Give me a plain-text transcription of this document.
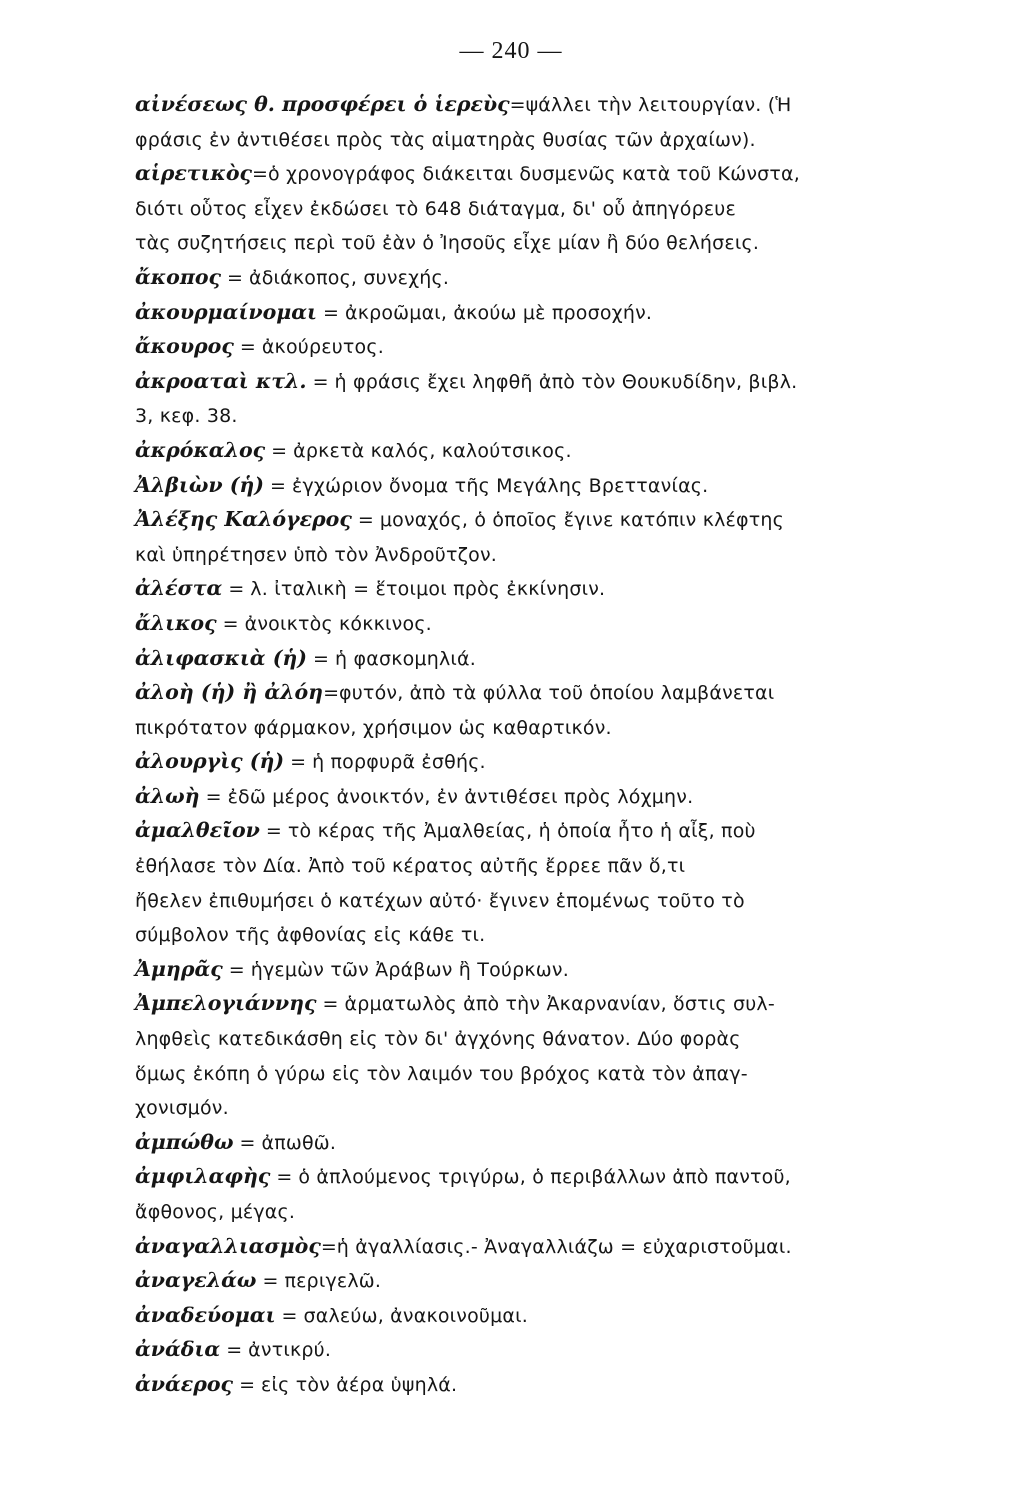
— 240 —
αἰνέσεως θ. προσφέρει ὁ ἱερεὺς=ψάλλει τὴν λειτουργίαν. (Ἡ
φράσις ἐν ἀντιθέσει πρὸς τὰς αἱματηρὰς θυσίας τῶν ἀρχαίων).
αἱρετικὸς=ὁ χρονογράφος διάκειται δυσμενῶς κατὰ τοῦ Κώνστα,
διότι οὗτος εἶχεν ἐκδώσει τὸ 648 διάταγμα, δι' οὗ ἀπηγόρευε
τὰς συζητήσεις περὶ τοῦ ἐὰν ὁ Ἰησοῦς εἶχε μίαν ἢ δύο θελήσεις.
ἄκοπος = ἀδιάκοπος, συνεχής.
ἀκουρμαίνομαι = ἀκροῶμαι, ἀκούω μὲ προσοχήν.
ἄκουρος = ἀκούρευτος.
ἀκροαταὶ κτλ. = ἡ φράσις ἔχει ληφθῆ ἀπὸ τὸν Θουκυδίδην, βιβλ.
3, κεφ. 38.
ἀκρόκαλος = ἀρκετὰ καλός, καλούτσικος.
Ἀλβιὼν (ἡ) = ἐγχώριον ὄνομα τῆς Μεγάλης Βρεττανίας.
Ἀλέξης Καλόγερος = μοναχός, ὁ ὁποῖος ἔγινε κατόπιν κλέφτης
καὶ ὑπηρέτησεν ὑπὸ τὸν Ἀνδροῦτζον.
ἀλέστα = λ. ἰταλικὴ = ἕτοιμοι πρὸς ἐκκίνησιν.
ἄλικος = ἀνοικτὸς κόκκινος.
ἀλιφασκιὰ (ἡ) = ἡ φασκομηλιά.
ἀλοὴ (ἡ) ἢ ἀλόη=φυτόν, ἀπὸ τὰ φύλλα τοῦ ὁποίου λαμβάνεται
πικρότατον φάρμακον, χρήσιμον ὡς καθαρτικόν.
ἀλουργὶς (ἡ) = ἡ πορφυρᾶ ἐσθής.
ἀλωὴ = ἐδῶ μέρος ἀνοικτόν, ἐν ἀντιθέσει πρὸς λόχμην.
ἀμαλθεῖον = τὸ κέρας τῆς Ἀμαλθείας, ἡ ὁποία ἦτο ἡ αἶξ, ποὺ
ἐθήλασε τὸν Δία. Ἀπὸ τοῦ κέρατος αὐτῆς ἔρρεε πᾶν ὅ,τι
ἤθελεν ἐπιθυμήσει ὁ κατέχων αὐτό· ἔγινεν ἑπομένως τοῦτο τὸ
σύμβολον τῆς ἀφθονίας εἰς κάθε τι.
Ἀμηρᾶς = ἡγεμὼν τῶν Ἀράβων ἢ Τούρκων.
Ἀμπελογιάννης = ἁρματωλὸς ἀπὸ τὴν Ἀκαρνανίαν, ὅστις συλ-
ληφθεὶς κατεδικάσθη εἰς τὸν δι' ἀγχόνης θάνατον. Δύο φορὰς
ὅμως ἐκόπη ὁ γύρω εἰς τὸν λαιμόν του βρόχος κατὰ τὸν ἀπαγ-
χονισμόν.
ἀμπώθω = ἀπωθῶ.
ἀμφιλαφὴς = ὁ ἁπλούμενος τριγύρω, ὁ περιβάλλων ἀπὸ παντοῦ,
ἄφθονος, μέγας.
ἀναγαλλιασμὸς=ἡ ἀγαλλίασις.- Ἀναγαλλιάζω = εὐχαριστοῦμαι.
ἀναγελάω = περιγελῶ.
ἀναδεύομαι = σαλεύω, ἀνακοινοῦμαι.
ἀνάδια = ἀντικρύ.
ἀνάερος = εἰς τὸν ἀέρα ὑψηλά.
